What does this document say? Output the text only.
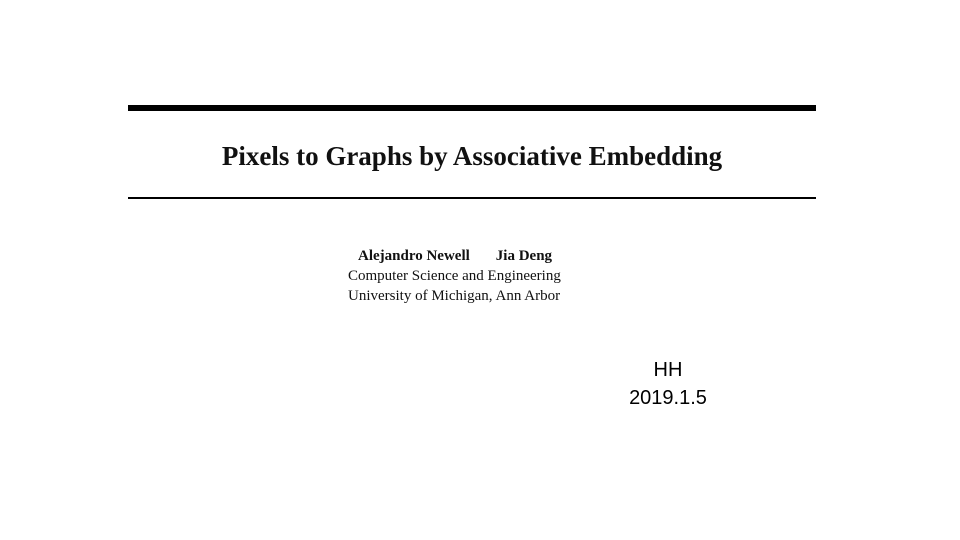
Pixels to Graphs by Associative Embedding
Alejandro Newell Jia Deng
Computer Science and Engineering
University of Michigan, Ann Arbor
HH
2019.1.5
